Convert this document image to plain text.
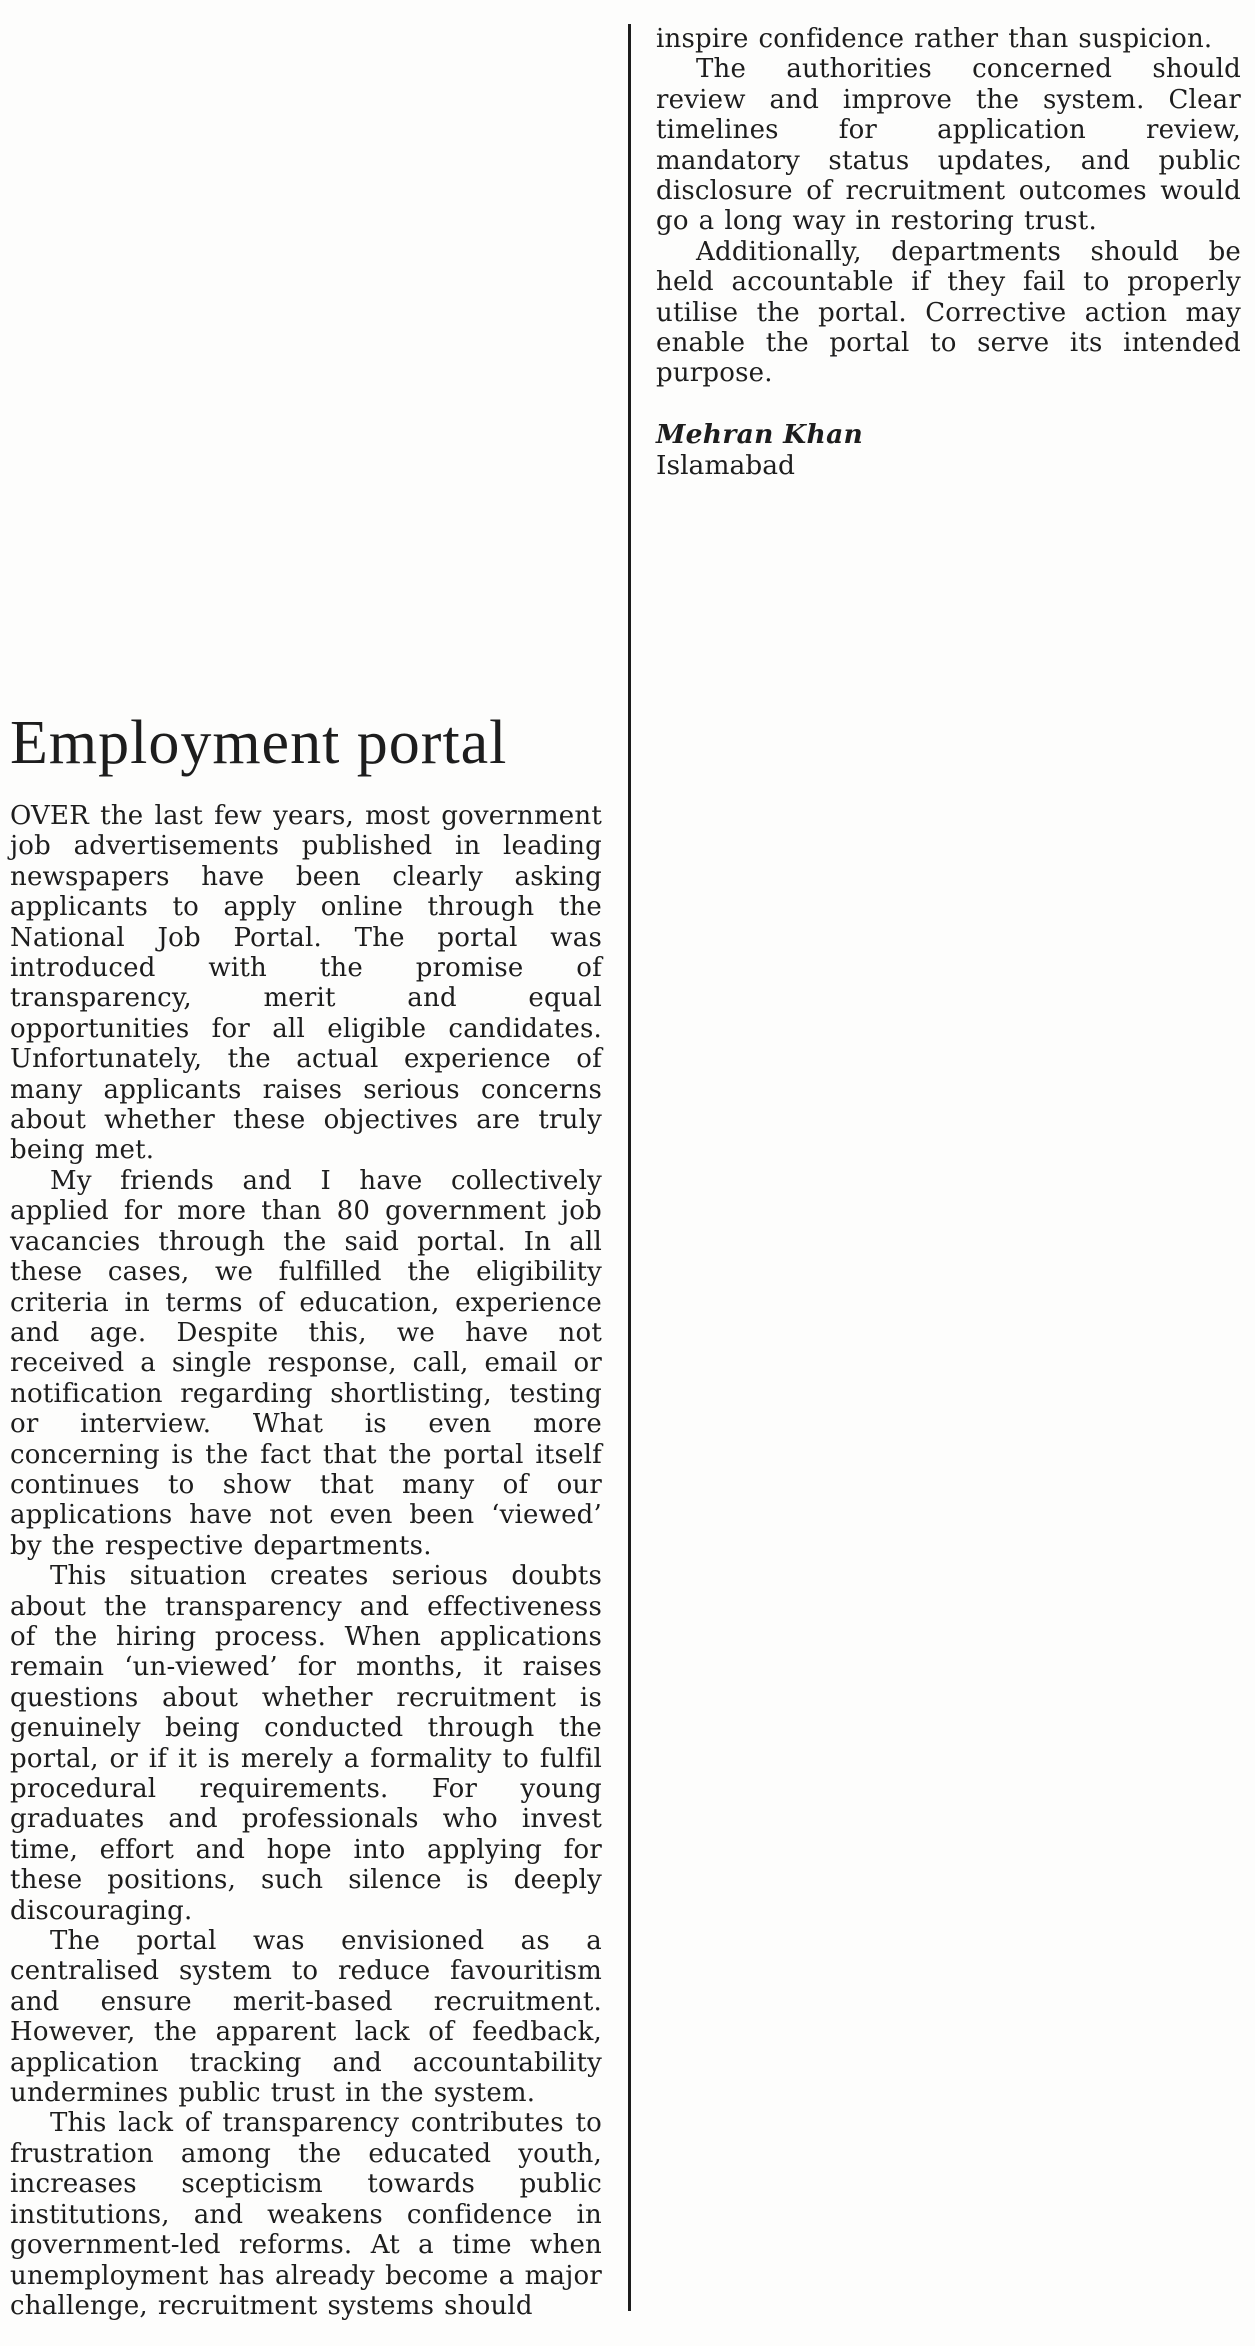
Employment portal

OVER the last few years, most government job advertisements published in leading newspapers have been clearly asking applicants to apply online through the National Job Portal. The portal was introduced with the promise of transparency, merit and equal opportunities for all eligible candidates. Unfortunately, the actual experience of many applicants raises serious concerns about whether these objectives are truly being met.

My friends and I have collectively applied for more than 80 government job vacancies through the said portal. In all these cases, we fulfilled the eligibility criteria in terms of education, experience and age. Despite this, we have not received a single response, call, email or notification regarding shortlisting, testing or interview. What is even more concerning is the fact that the portal itself continues to show that many of our applications have not even been ‘viewed’ by the respective departments.

This situation creates serious doubts about the transparency and effectiveness of the hiring process. When applications remain ‘un-viewed’ for months, it raises questions about whether recruitment is genuinely being conducted through the portal, or if it is merely a formality to fulfil procedural requirements. For young graduates and professionals who invest time, effort and hope into applying for these positions, such silence is deeply discouraging.

The portal was envisioned as a centralised system to reduce favouritism and ensure merit-based recruitment. However, the apparent lack of feedback, application tracking and accountability undermines public trust in the system.

This lack of transparency contributes to frustration among the educated youth, increases scepticism towards public institutions, and weakens confidence in government-led reforms. At a time when unemployment has already become a major challenge, recruitment systems should

inspire confidence rather than suspicion.

The authorities concerned should review and improve the system. Clear timelines for application review, mandatory status updates, and public disclosure of recruitment outcomes would go a long way in restoring trust.

Additionally, departments should be held accountable if they fail to properly utilise the portal. Corrective action may enable the portal to serve its intended purpose.

Mehran Khan
Islamabad
